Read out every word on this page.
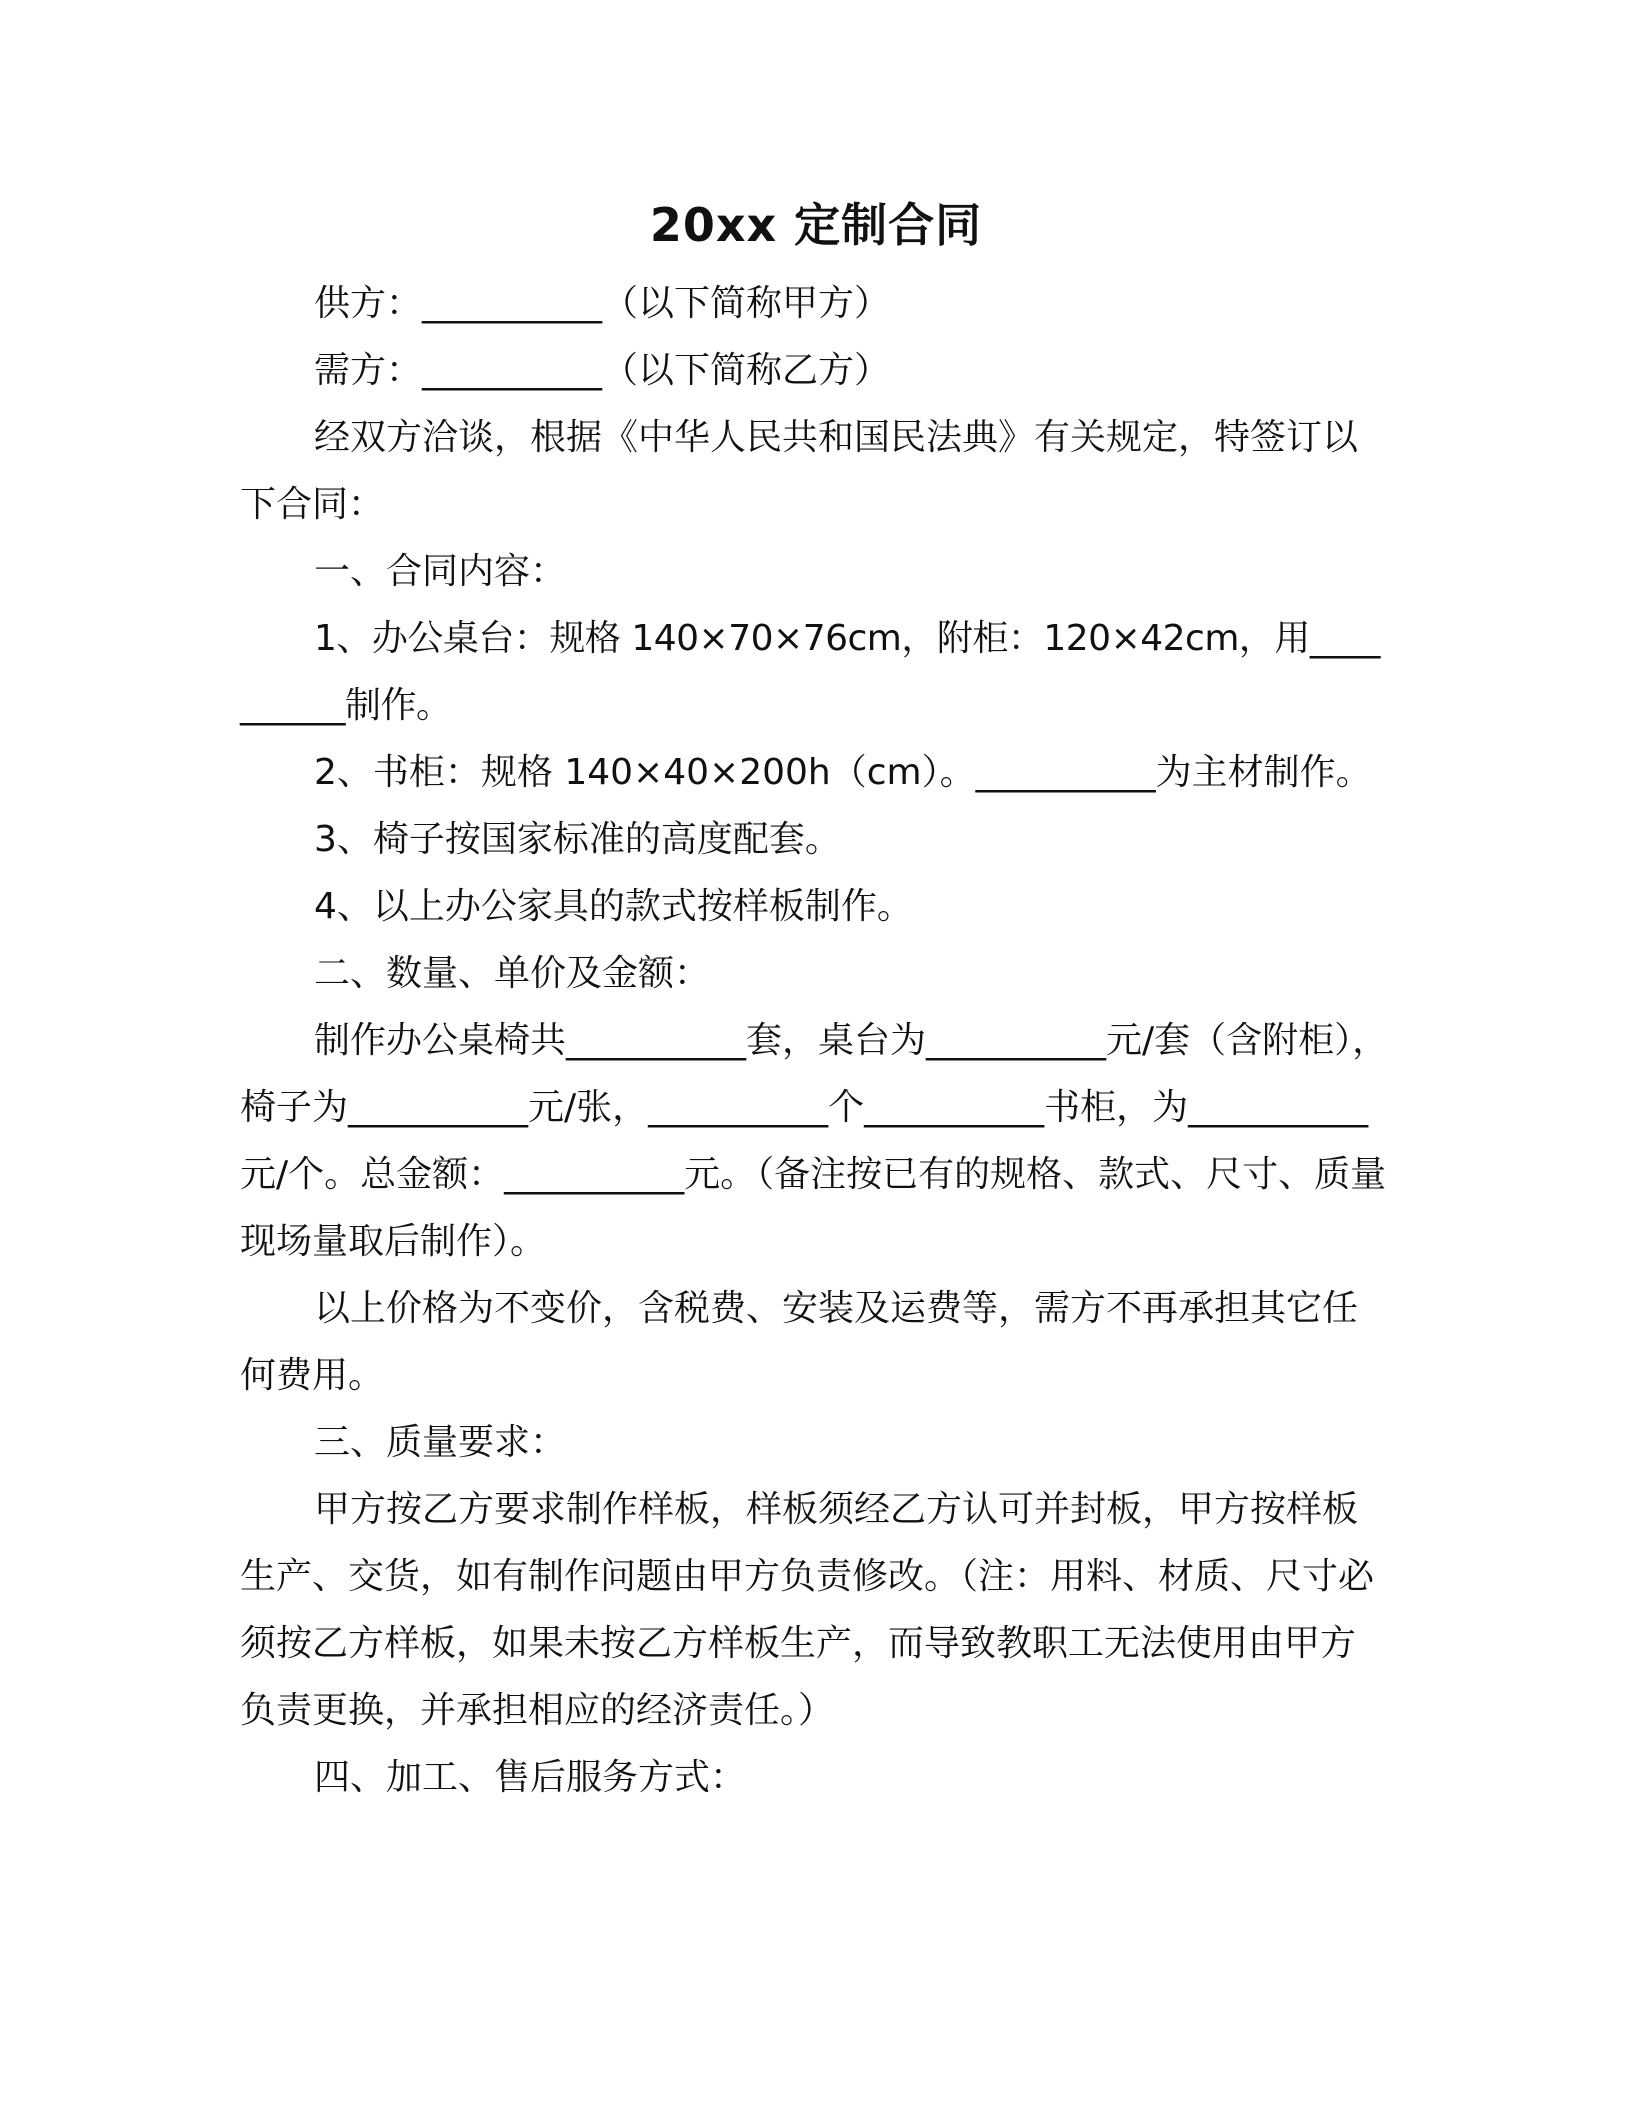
20xx 定制合同

供方：__________（以下简称甲方）

需方：__________（以下简称乙方）

经双方洽谈，根据《中华人民共和国民法典》有关规定，特签订以下合同：

一、合同内容：

1、办公桌台：规格 140×70×76cm，附柜：120×42cm，用__________制作。

2、书柜：规格 140×40×200h（cm）。__________为主材制作。

3、椅子按国家标准的高度配套。

4、以上办公家具的款式按样板制作。

二、数量、单价及金额：

制作办公桌椅共__________套，桌台为__________元/套（含附柜），椅子为__________元/张，__________个__________书柜，为__________元/个。总金额：__________元。（备注按已有的规格、款式、尺寸、质量现场量取后制作）。

以上价格为不变价，含税费、安装及运费等，需方不再承担其它任何费用。

三、质量要求：

甲方按乙方要求制作样板，样板须经乙方认可并封板，甲方按样板生产、交货，如有制作问题由甲方负责修改。（注：用料、材质、尺寸必须按乙方样板，如果未按乙方样板生产，而导致教职工无法使用由甲方负责更换，并承担相应的经济责任。）

四、加工、售后服务方式：
